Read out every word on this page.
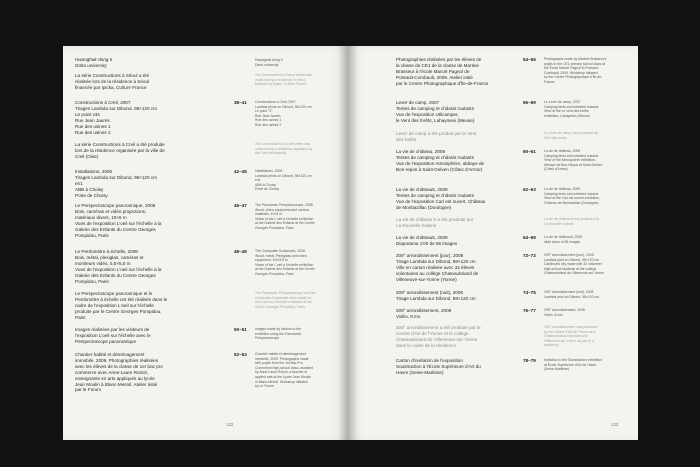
Hwanghak-dong II
Daha university
Hwanghak-dong II
Daha university
La série Constructions à Séoul a été
réalisée lors de la résidence à Séoul
financée par Ipicka, Culture France
The Constructions à Séoul series was
made during a residency in Séoul
financed by Ipicka, Culture France
Constructions à Creil, 2007
Tirages Lambda sur Dibond, 98×120 cm
Le point v3s
Rue Jean Jaurès
Rue des usines 1
Rue des usines 2
38–41 Constructions à Creil, 2007
Lambda prints on Dibond, 98×120 cm
Le point "3"
Rue Jean Jaurès
Rue des usines 1
Rue des usines 2
La série Constructions à Creil a été produite
lors de la résidence organisée par la ville de
Creil (Oise)
The Constructions à Creil series was
made during a residency organised by
the Creil municipality
Installations, 2006
Tirages Lambda sur Dibond, 98×120 cm
en1
ABB à Choisy
Porte de Choisy
42–45 Installations, 2006
Lambda prints on Dibond, 98×120 cm
en1
ABB à Choisy
Porte de Choisy
Le Perspectoscope panoramique, 2008
Bois, caméras et vidéo projections,
matériaux divers, 10×6 m
Vues de l'exposition L'oeil sur l'échelle à la
Galerie des Enfants du Centre Georges
Pompidou, Paris
46–47 The Panoramic Perspectoscope, 2008
Wood, video equipment and various
materials, 10×6 m
Views of the L'oeil à l'échelle exhibition
at the Galerie des Enfants at the Centre
Georges Pompidou, Paris
Le Perdomètre à échelle, 2008
Bois, métal, plexiglas, caméras et
moniteurs vidéo, 5,5×5,5 m
Vues de l'exposition L'oeil sur l'échelle à la
Galerie des Enfants du Centre Georges
Pompidou, Paris
48–49 The Composite Scalomatic, 2008
Wood, metal, Plexiglass and video
equipment, 5,5×5,5 m
Views of the L'oeil à l'échelle exhibition
at the Galerie des Enfants at the Centre
Georges Pompidou, Paris
Le Perspectoscope panoramique et le
Perdomètre à échelle ont été réalisés dans le
cadre de l'exposition L'oeil sur l'échelle
produite par le Centre Georges Pompidou,
Paris
The Panoramic Perspectoscope and the
Composite Scalomatic were made for
the L'oeil sur l'échelle exhibition at the
Centre Georges Pompidou, Paris
Images réalisées par les visiteurs de
l'exposition L'oeil sur l'échelle avec le
Perspectoscope panoramique
50–51 Images made by visitors to the
exhibition using the Panoramic
Perspectoscope
Chantier habité et déménagement
immobile, 2009. Photographies réalisées
avec les élèves de la classe de 1er bac pro
commerce avec Anne-Laure Roizot,
enseignante en arts appliqués au lycée
Jean Moulin à Blanc-Mesnil. Atelier initié
par le Forum
52–53 Chantier habité et déménagement
immobile, 2009. Photographs made
with pupils from the 1st Bac Pro
Commerce high-school class, assisted
by Anne-Laure Roizot, a teacher in
applied arts at the Lycée Jean Moulin
in Blanc-Mesnil. Workshop initiated
by Le Forum
122
Photographies réalisées par les élèves de
la classe de CE1 de la classe de Martine
Brasseur à l'école Marcel Pagnol de
Pontault-Combault, 2009. Atelier initié
par le Centre Photographique d'Île-de-France
54–55 Photographs made by Martine Brasseur's
pupils in the CE1 primary school class at
the École Marcel Pagnol in Pontault-
Combault, 2009. Workshop initiated
by the Centre Photographique d'Île-de-
France
Lever de camp, 2007
Tentes de camping et châssis roulants
Vue de l'exposition Utilcamper,
le Vent des forêts, Lahaymeix (Meuse)
56–59 Le Lever de camp, 2007
Camping tents and wheeled chassis
View of the Le vent des forêts
exhibition, Lahaymeix (Meuse)
Lever de camp a été produit par le Vent
des forêts
Le Lever de camp was produced by
Vent des forêts
La vie de château, 2008
Tentes de camping et châssis roulants
Vue de l'exposition Atmosphère, abbaye de
Bon-repos à Saint-Gelven (Côtes d'Armor)
60–61 La vie de château, 2008
Camping tents and wheeled chassis
View of the Atmosphère exhibition,
Abbaye de Bon-Repos at Saint-Gelven
(Côtes d'Armor)
La vie de château5, 2009
Tentes de camping et châssis roulants
Vue de l'exposition Carl est ouvert, Château
de Monbazillac (Dordogne)
62–63 La vie de château, 2009
Camping tents and wheeled chassis
View of the Carl est ouvert exhibition,
Château de Monbazillac (Dordogne)
La vie de château 5 a été produite par
La Nouvelle Galerie
La vie de château5 was produced by
La Nouvelle Galerie
La vie de château5, 2009
Diaporama 1'00 de 56 images
64–69 La vie de château5, 2009
slide show of 56 images
209° arrondissement (jour), 2008
Tirage Lambda sur Dibond, 98×120 cm
Ville en carton réalisée avec 32 élèves
volontaires au collège Chateaubriand de
Villeneuve-sur-Yonne (Yonne)
72–73 209° arrondissement (jour), 2008
Lambda print on Dibond, 98×120 cm
Cardboard city made with 32 volunteer
high-school students at the college
Chateaubriand de Villeneuve-sur-Yonne
209° arrondissement (nuit), 2008
Tirage Lambda sur Dibond, 98×120 cm
74–75 209° arrondissement (nuit), 2008
Lambda print on Dibond, 98×120 cm
209° arrondissement, 2008
Vidéo, 8 mn
76–77 209° arrondissement, 2008
Video, 8 min
209° arrondissement a été produite par le
Centre d'Art de l'Yonne et le collège
Chateaubriand de Villeneuve-sur-Yonne
dans le cadre de la résidence
209° arrondissement was produced
by the Centre d'Art de l'Yonne and
Chateaubriand high-school in
Villeneuve-sur-Yonne as part of a
residency
Carton d'invitation de l'exposition
Soustraction à l'École Supérieure d'Art du
Havre (Seine-Maritime)
78–79 Invitation to the Soustraction exhibition
at École Supérieure d'Art du Havre
(Seine-Maritime)
123
